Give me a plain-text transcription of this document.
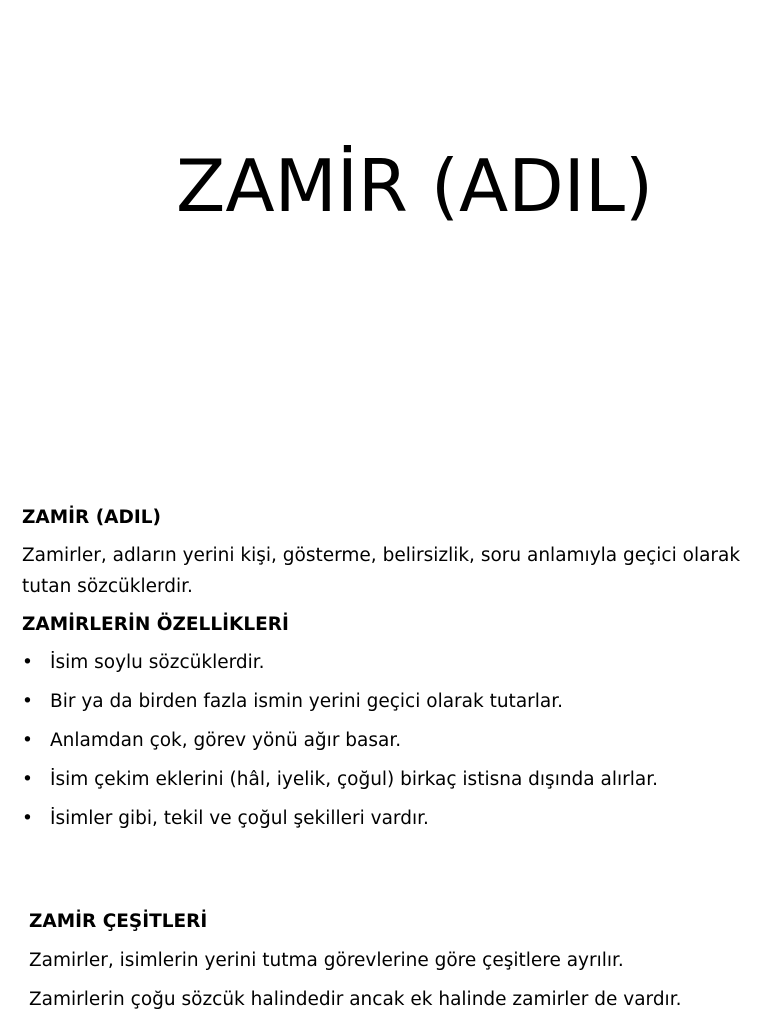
ZAMİR (ADIL)

ZAMİR (ADIL)

Zamirler, adların yerini kişi, gösterme, belirsizlik, soru anlamıyla geçici olarak tutan sözcüklerdir.

ZAMİRLERİN ÖZELLİKLERİ

• İsim soylu sözcüklerdir.
• Bir ya da birden fazla ismin yerini geçici olarak tutarlar.
• Anlamdan çok, görev yönü ağır basar.
• İsim çekim eklerini (hâl, iyelik, çoğul) birkaç istisna dışında alırlar.
• İsimler gibi, tekil ve çoğul şekilleri vardır.

ZAMİR ÇEŞİTLERİ

Zamirler, isimlerin yerini tutma görevlerine göre çeşitlere ayrılır.

Zamirlerin çoğu sözcük halindedir ancak ek halinde zamirler de vardır.
